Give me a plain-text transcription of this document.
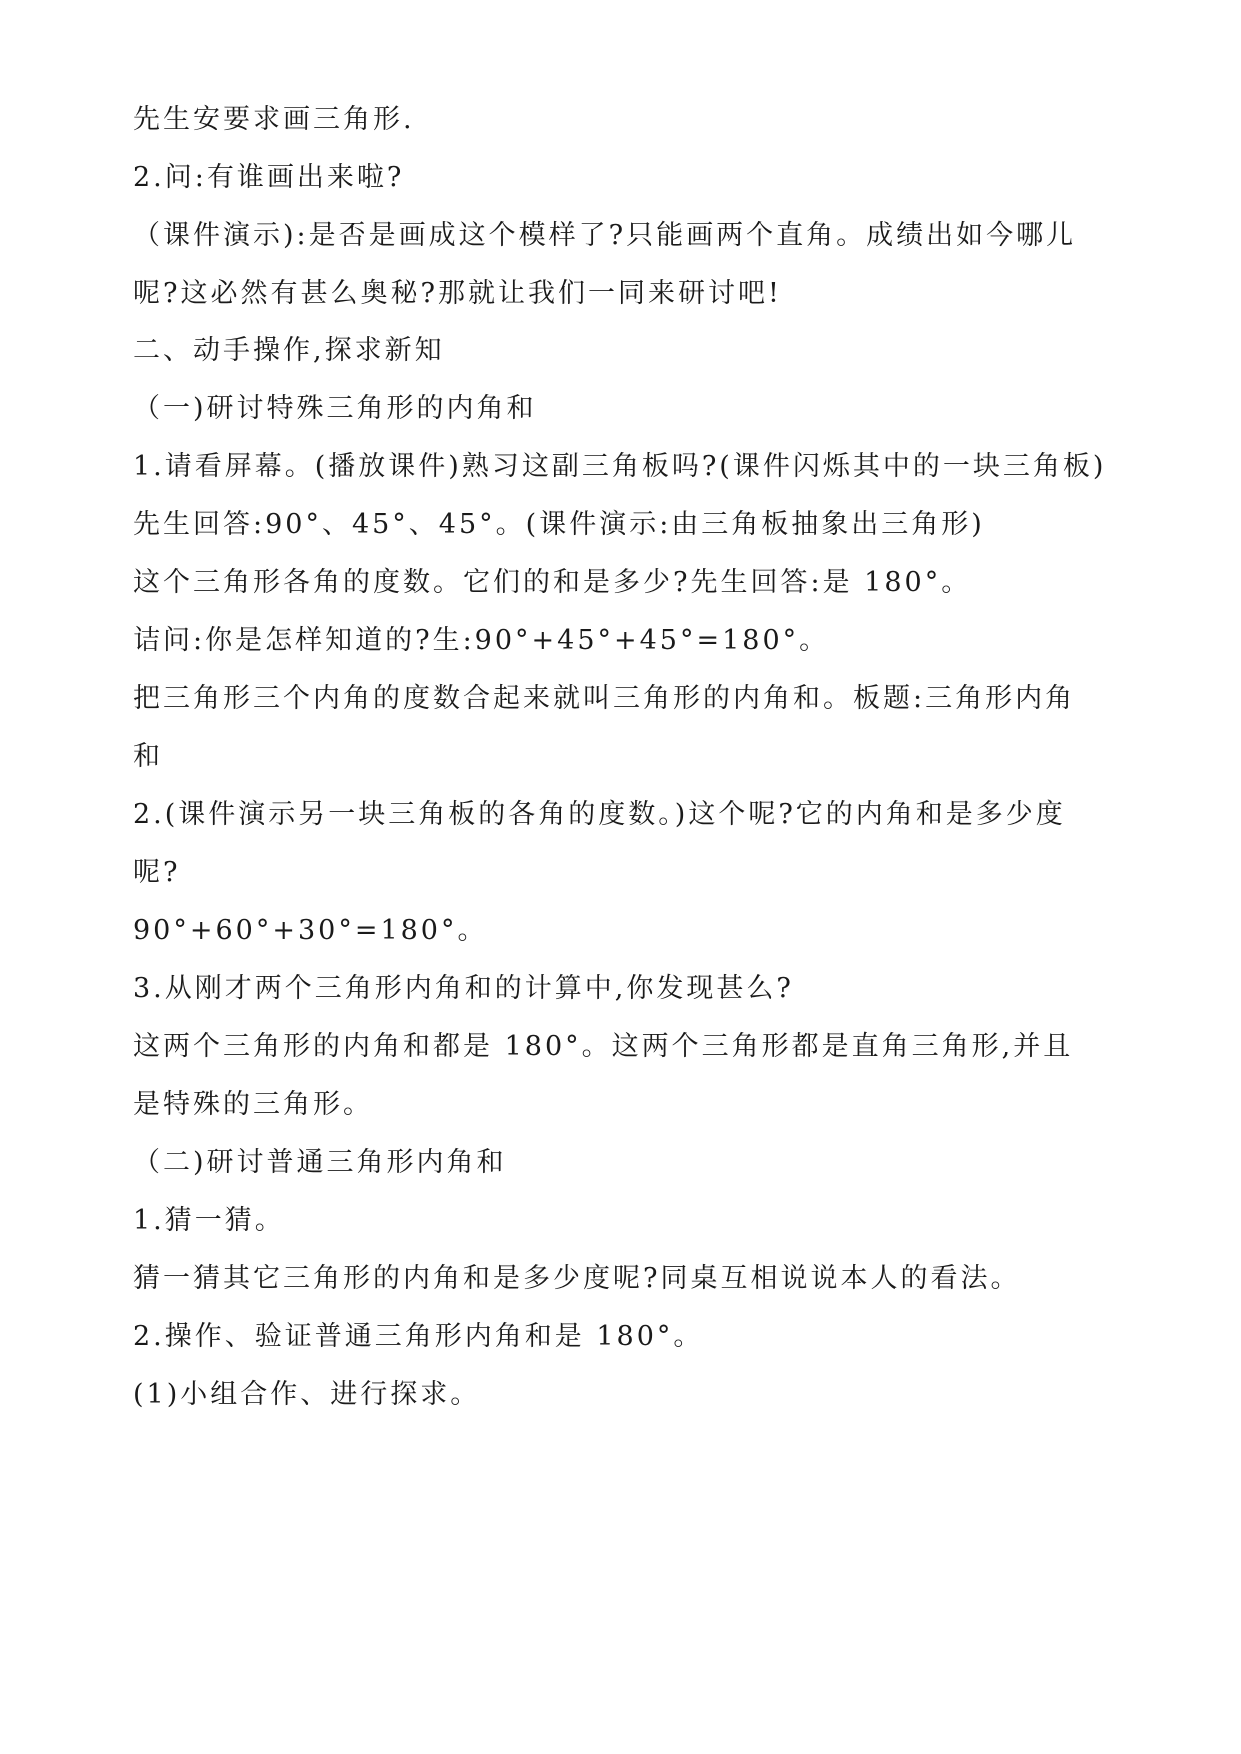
先生安要求画三角形.
2.问:有谁画出来啦?
（课件演示):是否是画成这个模样了?只能画两个直角。成绩出如今哪儿
呢?这必然有甚么奥秘?那就让我们一同来研讨吧!
二、动手操作,探求新知
（一)研讨特殊三角形的内角和
1.请看屏幕。(播放课件)熟习这副三角板吗?(课件闪烁其中的一块三角板)
先生回答:90°、45°、45°。(课件演示:由三角板抽象出三角形)
这个三角形各角的度数。它们的和是多少?先生回答:是 180°。
诘问:你是怎样知道的?生:90°+45°+45°=180°。
把三角形三个内角的度数合起来就叫三角形的内角和。板题:三角形内角
和
2.(课件演示另一块三角板的各角的度数。)这个呢?它的内角和是多少度
呢?
90°+60°+30°=180°。
3.从刚才两个三角形内角和的计算中,你发现甚么?
这两个三角形的内角和都是 180°。这两个三角形都是直角三角形,并且
是特殊的三角形。
（二)研讨普通三角形内角和
1.猜一猜。
猜一猜其它三角形的内角和是多少度呢?同桌互相说说本人的看法。
2.操作、验证普通三角形内角和是 180°。
(1)小组合作、进行探求。
